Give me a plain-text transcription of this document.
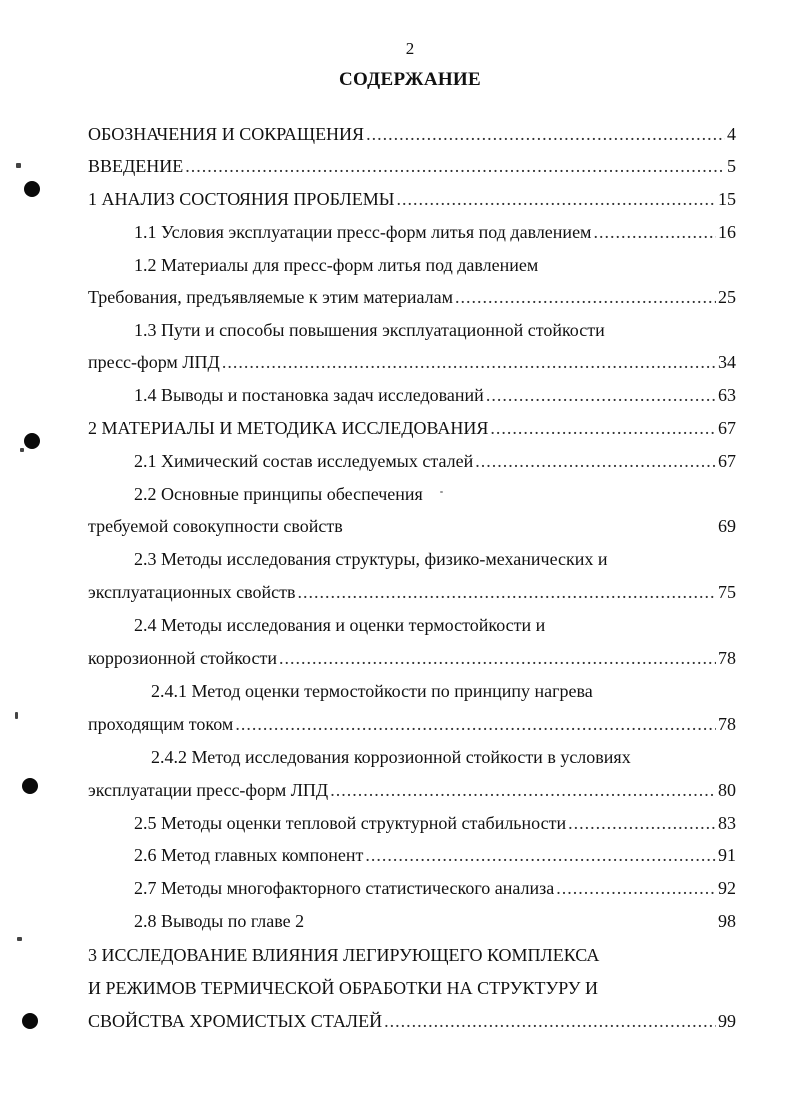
2
СОДЕРЖАНИЕ
ОБОЗНАЧЕНИЯ И СОКРАЩЕНИЯ .....	4
ВВЕДЕНИЕ .....	5
1 АНАЛИЗ СОСТОЯНИЯ ПРОБЛЕМЫ .....	15
1.1 Условия эксплуатации пресс-форм литья под давлением .....	16
1.2 Материалы для пресс-форм литья под давлением
Требования, предъявляемые к этим материалам .....	25
1.3 Пути и способы повышения эксплуатационной стойкости
пресс-форм ЛПД .....	34
1.4 Выводы и постановка задач исследований .....	63
2 МАТЕРИАЛЫ И МЕТОДИКА ИССЛЕДОВАНИЯ .....	67
2.1 Химический состав исследуемых сталей .....	67
2.2 Основные принципы обеспечения
требуемой совокупности свойств	69
2.3 Методы исследования структуры, физико-механических и
эксплуатационных свойств .....	75
2.4 Методы исследования и оценки термостойкости и
коррозионной стойкости .....	78
2.4.1 Метод оценки термостойкости по принципу нагрева
проходящим током .....	78
2.4.2 Метод исследования коррозионной стойкости в условиях
эксплуатации пресс-форм ЛПД .....	80
2.5 Методы оценки тепловой структурной стабильности .....	83
2.6 Метод главных компонент .....	91
2.7 Методы многофакторного статистического анализа .....	92
2.8 Выводы по главе 2	98
3 ИССЛЕДОВАНИЕ ВЛИЯНИЯ ЛЕГИРУЮЩЕГО КОМПЛЕКСА
И РЕЖИМОВ ТЕРМИЧЕСКОЙ ОБРАБОТКИ НА СТРУКТУРУ И
СВОЙСТВА ХРОМИСТЫХ СТАЛЕЙ .....	99
